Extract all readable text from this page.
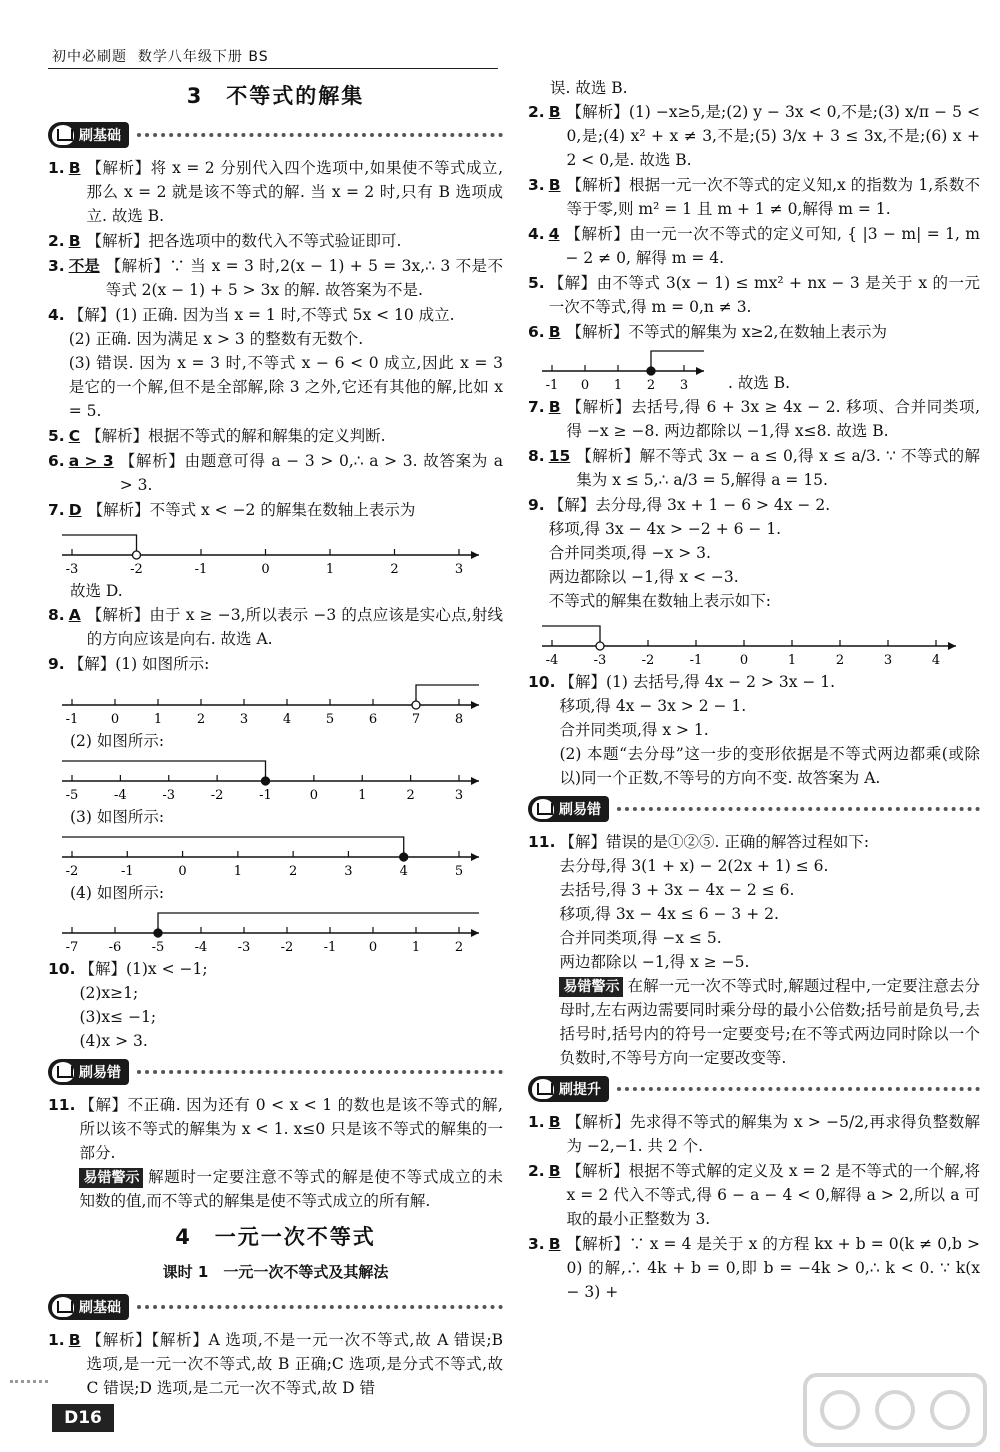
初中必刷题 数学八年级下册 BS
3　不等式的解集
刷基础
1. B 【解析】将 x = 2 分别代入四个选项中,如果使不等式成立,那么 x = 2 就是该不等式的解. 当 x = 2 时,只有 B 选项成立. 故选 B.
2. B 【解析】把各选项中的数代入不等式验证即可.
3. 不是 【解析】∵ 当 x = 3 时,2(x − 1) + 5 = 3x,∴ 3 不是不等式 2(x − 1) + 5 > 3x 的解. 故答案为不是.
4. 【解】(1) 正确. 因为当 x = 1 时,不等式 5x < 10 成立.

(2) 正确. 因为满足 x > 3 的整数有无数个.

(3) 错误. 因为 x = 3 时,不等式 x − 6 < 0 成立,因此 x = 3 是它的一个解,但不是全部解,除 3 之外,它还有其他的解,比如 x = 5.

5. C 【解析】根据不等式的解和解集的定义判断.
6. a > 3 【解析】由题意可得 a − 3 > 0,∴ a > 3. 故答案为 a > 3.
7. D 【解析】不等式 x < −2 的解集在数轴上表示为
-3	-2	-1	0	1	2	3
故选 D.
8. A 【解析】由于 x ≥ −3,所以表示 −3 的点应该是实心点,射线的方向应该是向右. 故选 A.
9. 【解】(1) 如图所示:
-1	0	1	2	3	4	5	6	7	8
(2) 如图所示:
-5	-4	-3	-2	-1	0	1	2	3
(3) 如图所示:
-2	-1	0	1	2	3	4	5
(4) 如图所示:
-7 -6 -5 -4 -3 -2 -1	0	1	2
10. 【解】(1)x < −1;

(2)x≥1;

(3)x≤ −1;

(4)x > 3.

刷易错
11. 【解】不正确. 因为还有 0 < x < 1 的数也是该不等式的解,所以该不等式的解集为 x < 1. x≤0 只是该不等式的解集的一部分.

易错警示 解题时一定要注意不等式的解是使不等式成立的未知数的值,而不等式的解集是使不等式成立的所有解.

4　一元一次不等式
课时 1　一元一次不等式及其解法
刷基础
1. B 【解析】【解析】A 选项,不是一元一次不等式,故 A 错误;B 选项,是一元一次不等式,故 B 正确;C 选项,是分式不等式,故 C 错误;D 选项,是二元一次不等式,故 D 错
误. 故选 B.
2. B 【解析】(1) −x≥5,是;(2) y − 3x < 0,不是;(3) x/π − 5 < 0,是;(4) x² + x ≠ 3,不是;(5) 3/x + 3 ≤ 3x,不是;(6) x + 2 < 0,是. 故选 B.
3. B 【解析】根据一元一次不等式的定义知,x 的指数为 1,系数不等于零,则 m² = 1 且 m + 1 ≠ 0,解得 m = 1.
4. 4 【解析】由一元一次不等式的定义可知, { |3 − m| = 1, m − 2 ≠ 0, 解得 m = 4.
5. 【解】由不等式 3(x − 1) ≤ mx² + nx − 3 是关于 x 的一元一次不等式,得 m = 0,n ≠ 3.
6. B 【解析】不等式的解集为 x≥2,在数轴上表示为
-1 0 1 2 3	. 故选 B.
7. B 【解析】去括号,得 6 + 3x ≥ 4x − 2. 移项、合并同类项,得 −x ≥ −8. 两边都除以 −1,得 x≤8. 故选 B.
8. 15 【解析】解不等式 3x − a ≤ 0,得 x ≤ a/3. ∵ 不等式的解集为 x ≤ 5,∴ a/3 = 5,解得 a = 15.
9. 【解】去分母,得 3x + 1 − 6 > 4x − 2.

移项,得 3x − 4x > −2 + 6 − 1.

合并同类项,得 −x > 3.

两边都除以 −1,得 x < −3.

不等式的解集在数轴上表示如下:

-4	-3	-2	-1	0	1	2	3	4
10. 【解】(1) 去括号,得 4x − 2 > 3x − 1.

移项,得 4x − 3x > 2 − 1.

合并同类项,得 x > 1.

(2) 本题“去分母”这一步的变形依据是不等式两边都乘(或除以)同一个正数,不等号的方向不变. 故答案为 A.

刷易错
11. 【解】错误的是①②⑤. 正确的解答过程如下:

去分母,得 3(1 + x) − 2(2x + 1) ≤ 6.

去括号,得 3 + 3x − 4x − 2 ≤ 6.

移项,得 3x − 4x ≤ 6 − 3 + 2.

合并同类项,得 −x ≤ 5.

两边都除以 −1,得 x ≥ −5.

易错警示 在解一元一次不等式时,解题过程中,一定要注意去分母时,左右两边需要同时乘分母的最小公倍数;括号前是负号,去括号时,括号内的符号一定要变号;在不等式两边同时除以一个负数时,不等号方向一定要改变等.

刷提升
1. B 【解析】先求得不等式的解集为 x > −5/2,再求得负整数解为 −2,−1. 共 2 个.
2. B 【解析】根据不等式解的定义及 x = 2 是不等式的一个解,将 x = 2 代入不等式,得 6 − a − 4 < 0,解得 a > 2,所以 a 可取的最小正整数为 3.
3. B 【解析】∵ x = 4 是关于 x 的方程 kx + b = 0(k ≠ 0,b > 0) 的解,∴ 4k + b = 0,即 b = −4k > 0,∴ k < 0. ∵ k(x − 3) +
D16
